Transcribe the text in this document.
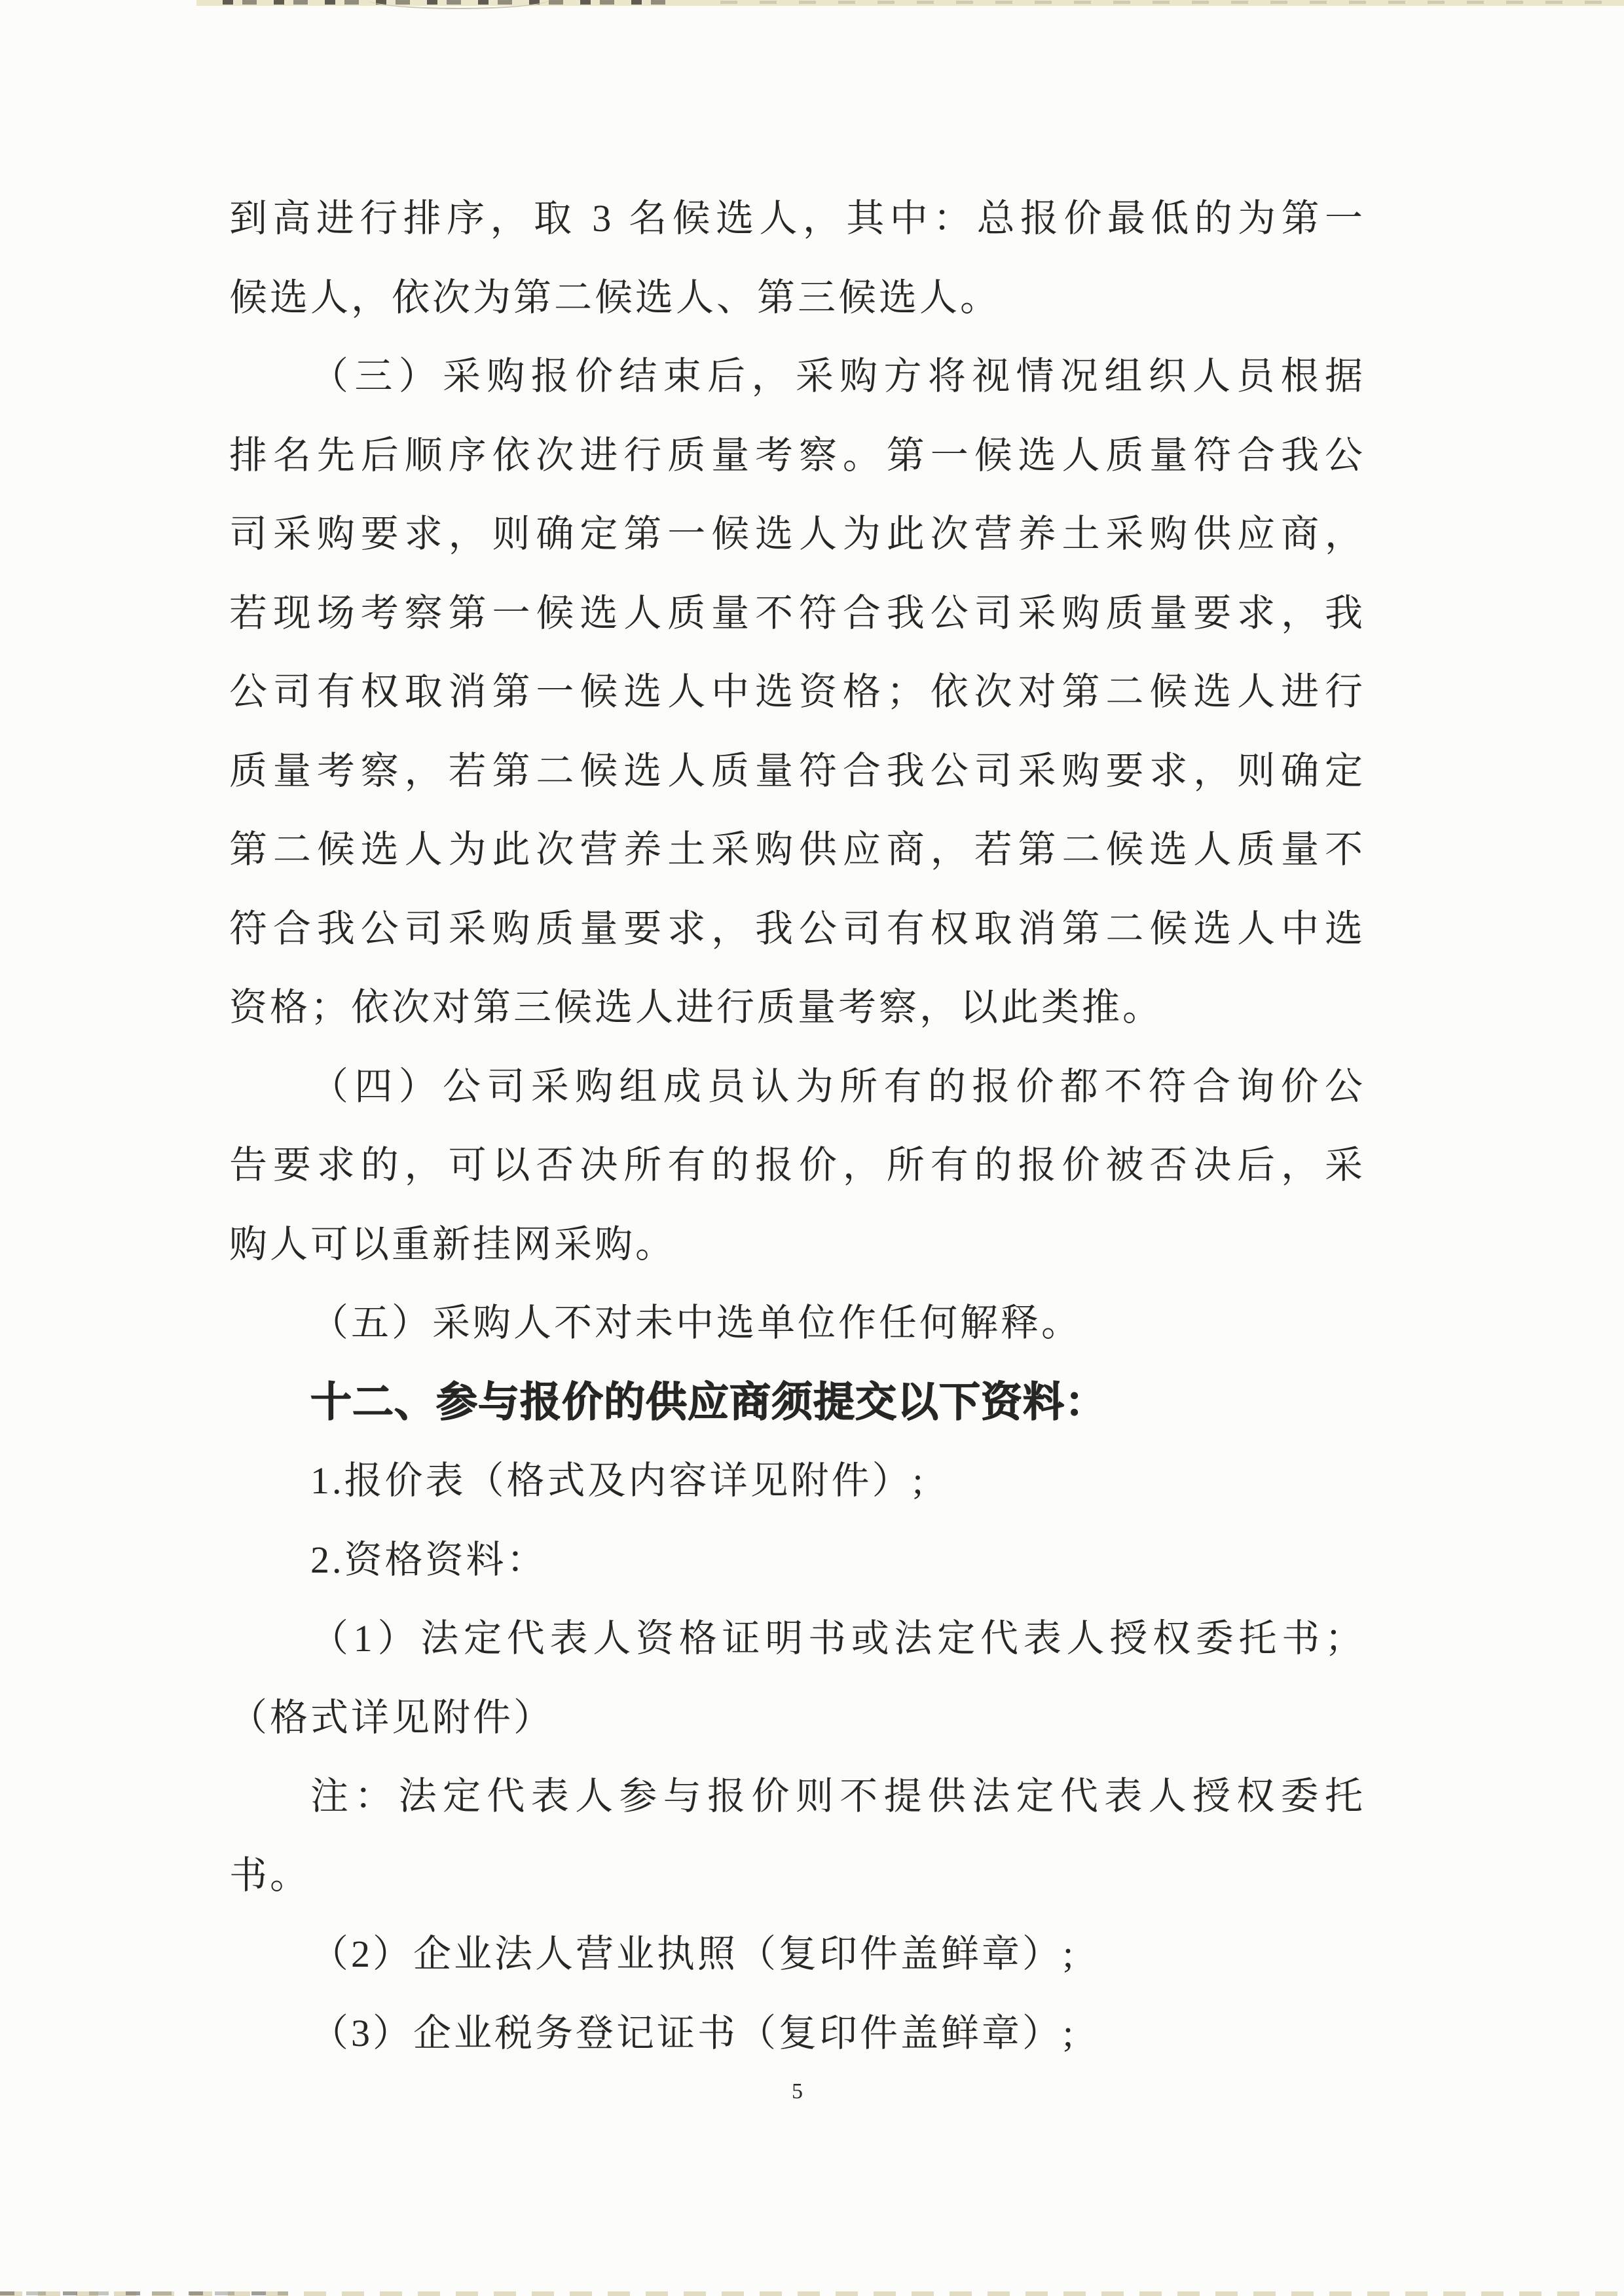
到高进行排序，取 3 名候选人，其中：总报价最低的为第一
候选人，依次为第二候选人、第三候选人。
（三）采购报价结束后，采购方将视情况组织人员根据
排名先后顺序依次进行质量考察。第一候选人质量符合我公
司采购要求，则确定第一候选人为此次营养土采购供应商，
若现场考察第一候选人质量不符合我公司采购质量要求，我
公司有权取消第一候选人中选资格；依次对第二候选人进行
质量考察，若第二候选人质量符合我公司采购要求，则确定
第二候选人为此次营养土采购供应商，若第二候选人质量不
符合我公司采购质量要求，我公司有权取消第二候选人中选
资格；依次对第三候选人进行质量考察，以此类推。
（四）公司采购组成员认为所有的报价都不符合询价公
告要求的，可以否决所有的报价，所有的报价被否决后，采
购人可以重新挂网采购。
（五）采购人不对未中选单位作任何解释。
十二、参与报价的供应商须提交以下资料：
1.报价表（格式及内容详见附件）;
2.资格资料：
（1）法定代表人资格证明书或法定代表人授权委托书；
（格式详见附件）
注：法定代表人参与报价则不提供法定代表人授权委托
书。
（2）企业法人营业执照（复印件盖鲜章）;
（3）企业税务登记证书（复印件盖鲜章）;
5
